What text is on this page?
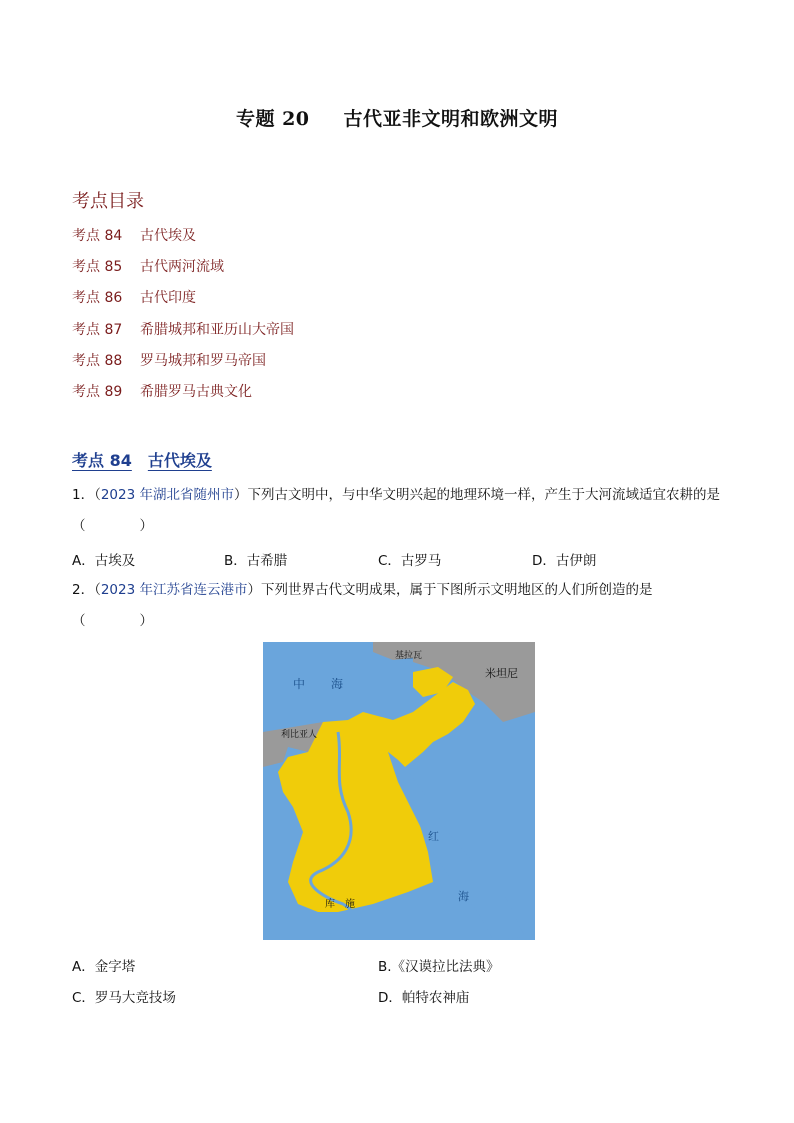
专题 20 古代亚非文明和欧洲文明
考点目录
考点 84 古代埃及
考点 85 古代两河流域
考点 86 古代印度
考点 87 希腊城邦和亚历山大帝国
考点 88 罗马城邦和罗马帝国
考点 89 希腊罗马古典文化
考点 84 古代埃及
1．（2023 年湖北省随州市）下列古文明中，与中华文明兴起的地理环境一样，产生于大河流域适宜农耕的是（　　　　）
A．古埃及	B．古希腊	C．古罗马	D．古伊朗
2．（2023 年江苏省连云港市）下列世界古代文明成果，属于下图所示文明地区的人们所创造的是（　　　　）
中 海
利比亚人
基拉瓦
米坦尼
红
海
库 施
A．金字塔	B.《汉谟拉比法典》
C．罗马大竞技场	D．帕特农神庙
